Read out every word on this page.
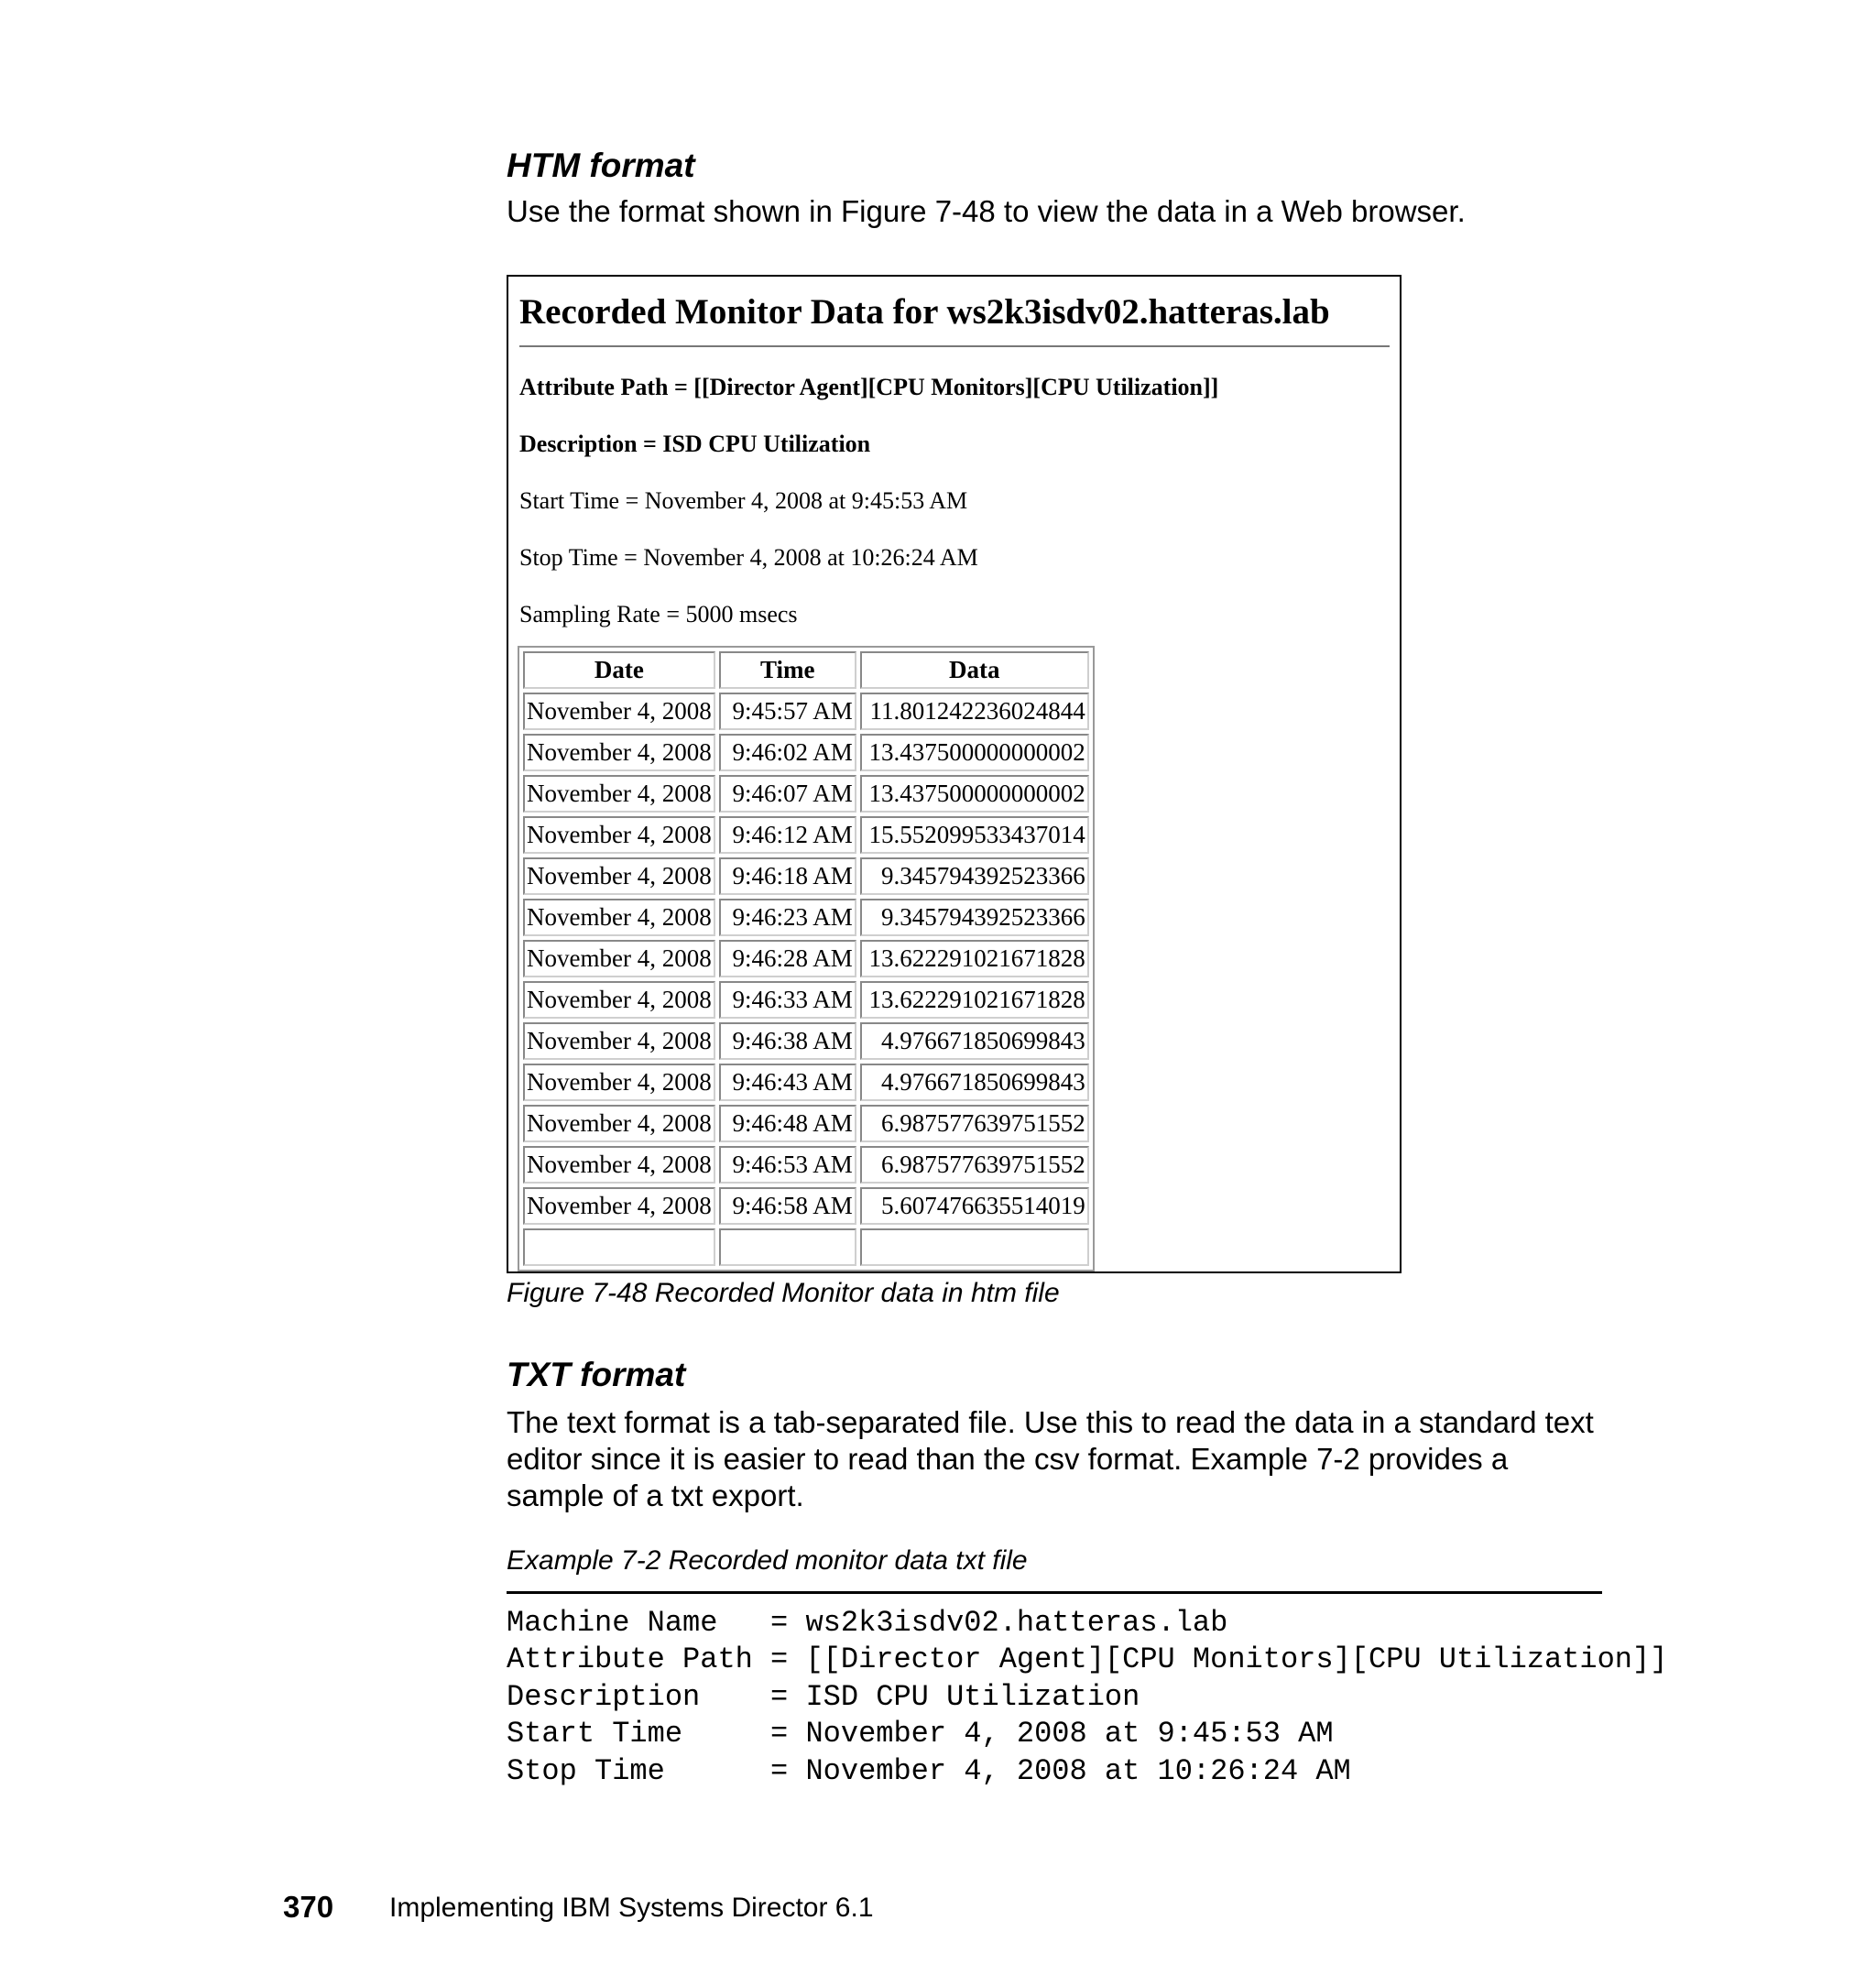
HTM format

Use the format shown in Figure 7-48 to view the data in a Web browser.

Recorded Monitor Data for ws2k3isdv02.hatteras.lab

Attribute Path = [[Director Agent][CPU Monitors][CPU Utilization]]

Description = ISD CPU Utilization

Start Time = November 4, 2008 at 9:45:53 AM

Stop Time = November 4, 2008 at 10:26:24 AM

Sampling Rate = 5000 msecs

Date	Time	Data
November 4, 2008	9:45:57 AM	11.801242236024844
November 4, 2008	9:46:02 AM	13.437500000000002
November 4, 2008	9:46:07 AM	13.437500000000002
November 4, 2008	9:46:12 AM	15.552099533437014
November 4, 2008	9:46:18 AM	9.345794392523366
November 4, 2008	9:46:23 AM	9.345794392523366
November 4, 2008	9:46:28 AM	13.622291021671828
November 4, 2008	9:46:33 AM	13.622291021671828
November 4, 2008	9:46:38 AM	4.976671850699843
November 4, 2008	9:46:43 AM	4.976671850699843
November 4, 2008	9:46:48 AM	6.987577639751552
November 4, 2008	9:46:53 AM	6.987577639751552
November 4, 2008	9:46:58 AM	5.607476635514019

Figure 7-48 Recorded Monitor data in htm file

TXT format

The text format is a tab-separated file. Use this to read the data in a standard text

editor since it is easier to read than the csv format. Example 7-2 provides a

sample of a txt export.

Example 7-2 Recorded monitor data txt file

Machine Name   = ws2k3isdv02.hatteras.lab

Attribute Path = [[Director Agent][CPU Monitors][CPU Utilization]]

Description    = ISD CPU Utilization

Start Time     = November 4, 2008 at 9:45:53 AM

Stop Time      = November 4, 2008 at 10:26:24 AM

370 Implementing IBM Systems Director 6.1
